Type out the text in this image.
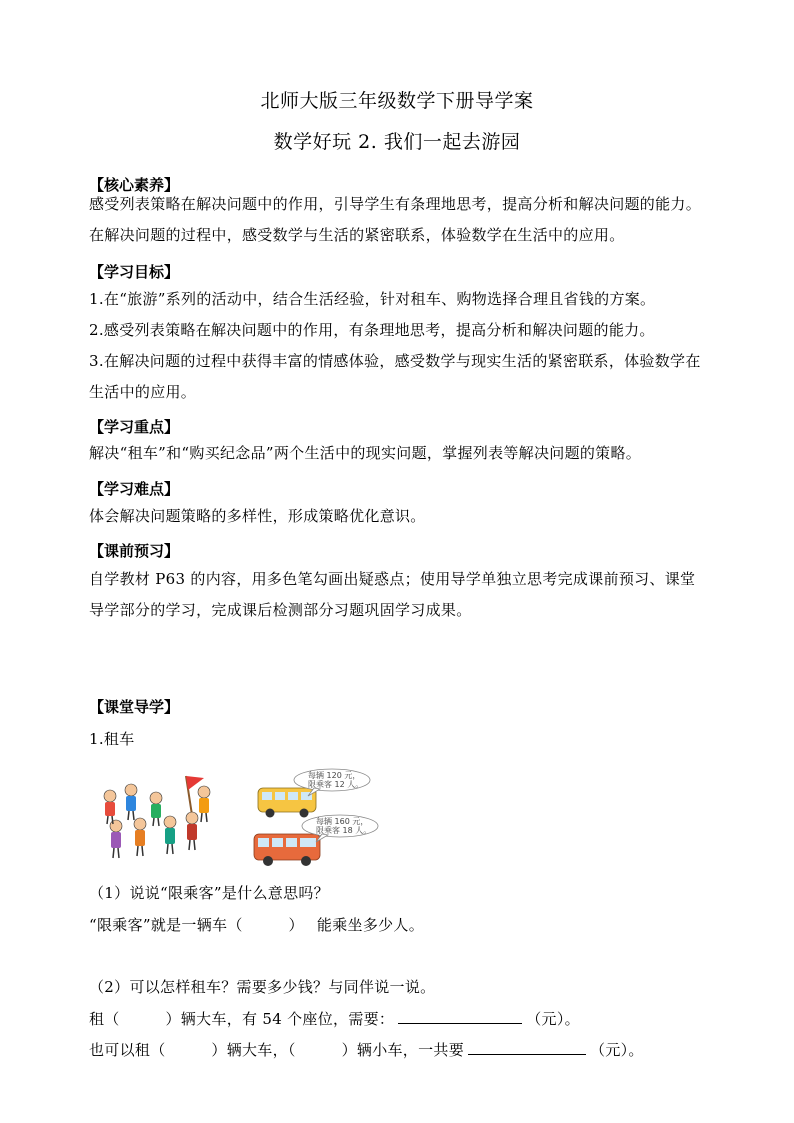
北师大版三年级数学下册导学案
数学好玩 2. 我们一起去游园
【核心素养】
感受列表策略在解决问题中的作用，引导学生有条理地思考，提高分析和解决问题的能力。在解决问题的过程中，感受数学与生活的紧密联系，体验数学在生活中的应用。
【学习目标】
1.在“旅游”系列的活动中，结合生活经验，针对租车、购物选择合理且省钱的方案。
2.感受列表策略在解决问题中的作用，有条理地思考，提高分析和解决问题的能力。
3.在解决问题的过程中获得丰富的情感体验，感受数学与现实生活的紧密联系，体验数学在生活中的应用。
【学习重点】
解决“租车”和“购买纪念品”两个生活中的现实问题，掌握列表等解决问题的策略。
【学习难点】
体会解决问题策略的多样性，形成策略优化意识。
【课前预习】
自学教材 P63 的内容，用多色笔勾画出疑惑点；使用导学单独立思考完成课前预习、课堂导学部分的学习，完成课后检测部分习题巩固学习成果。
【课堂导学】
1.租车
每辆 120 元，
限乘客 12 人。
每辆 160 元，
限乘客 18 人。
（1）说说“限乘客”是什么意思吗？
“限乘客”就是一辆车（　　　） 能乘坐多少人。
（2）可以怎样租车？需要多少钱？与同伴说一说。
租（　　　）辆大车，有 54 个座位，需要：	（元）。
也可以租（　　　）辆大车，（　　　）辆小车，一共要	（元）。
